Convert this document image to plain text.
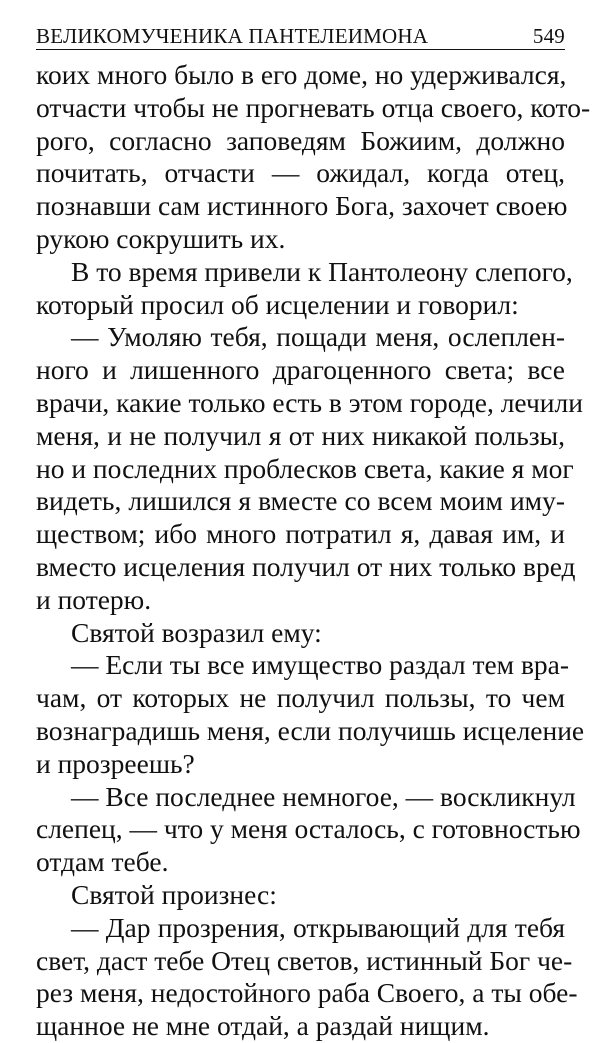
ВЕЛИКОМУЧЕНИКА ПАНТЕЛЕИМОНА	549
коих много было в его доме, но удерживался,
отчасти чтобы не прогневать отца своего, кото-
рого, согласно заповедям Божиим, должно
почитать, отчасти — ожидал, когда отец,
познавши сам истинного Бога, захочет своею
рукою сокрушить их.
В то время привели к Пантолеону слепого,
который просил об исцелении и говорил:
— Умоляю тебя, пощади меня, ослеплен-
ного и лишенного драгоценного света; все
врачи, какие только есть в этом городе, лечили
меня, и не получил я от них никакой пользы,
но и последних проблесков света, какие я мог
видеть, лишился я вместе со всем моим иму-
ществом; ибо много потратил я, давая им, и
вместо исцеления получил от них только вред
и потерю.
Святой возразил ему:
— Если ты все имущество раздал тем вра-
чам, от которых не получил пользы, то чем
вознаградишь меня, если получишь исцеление
и прозреешь?
— Все последнее немногое, — воскликнул
слепец, — что у меня осталось, с готовностью
отдам тебе.
Святой произнес:
— Дар прозрения, открывающий для тебя
свет, даст тебе Отец светов, истинный Бог че-
рез меня, недостойного раба Своего, а ты обе-
щанное не мне отдай, а раздай нищим.
